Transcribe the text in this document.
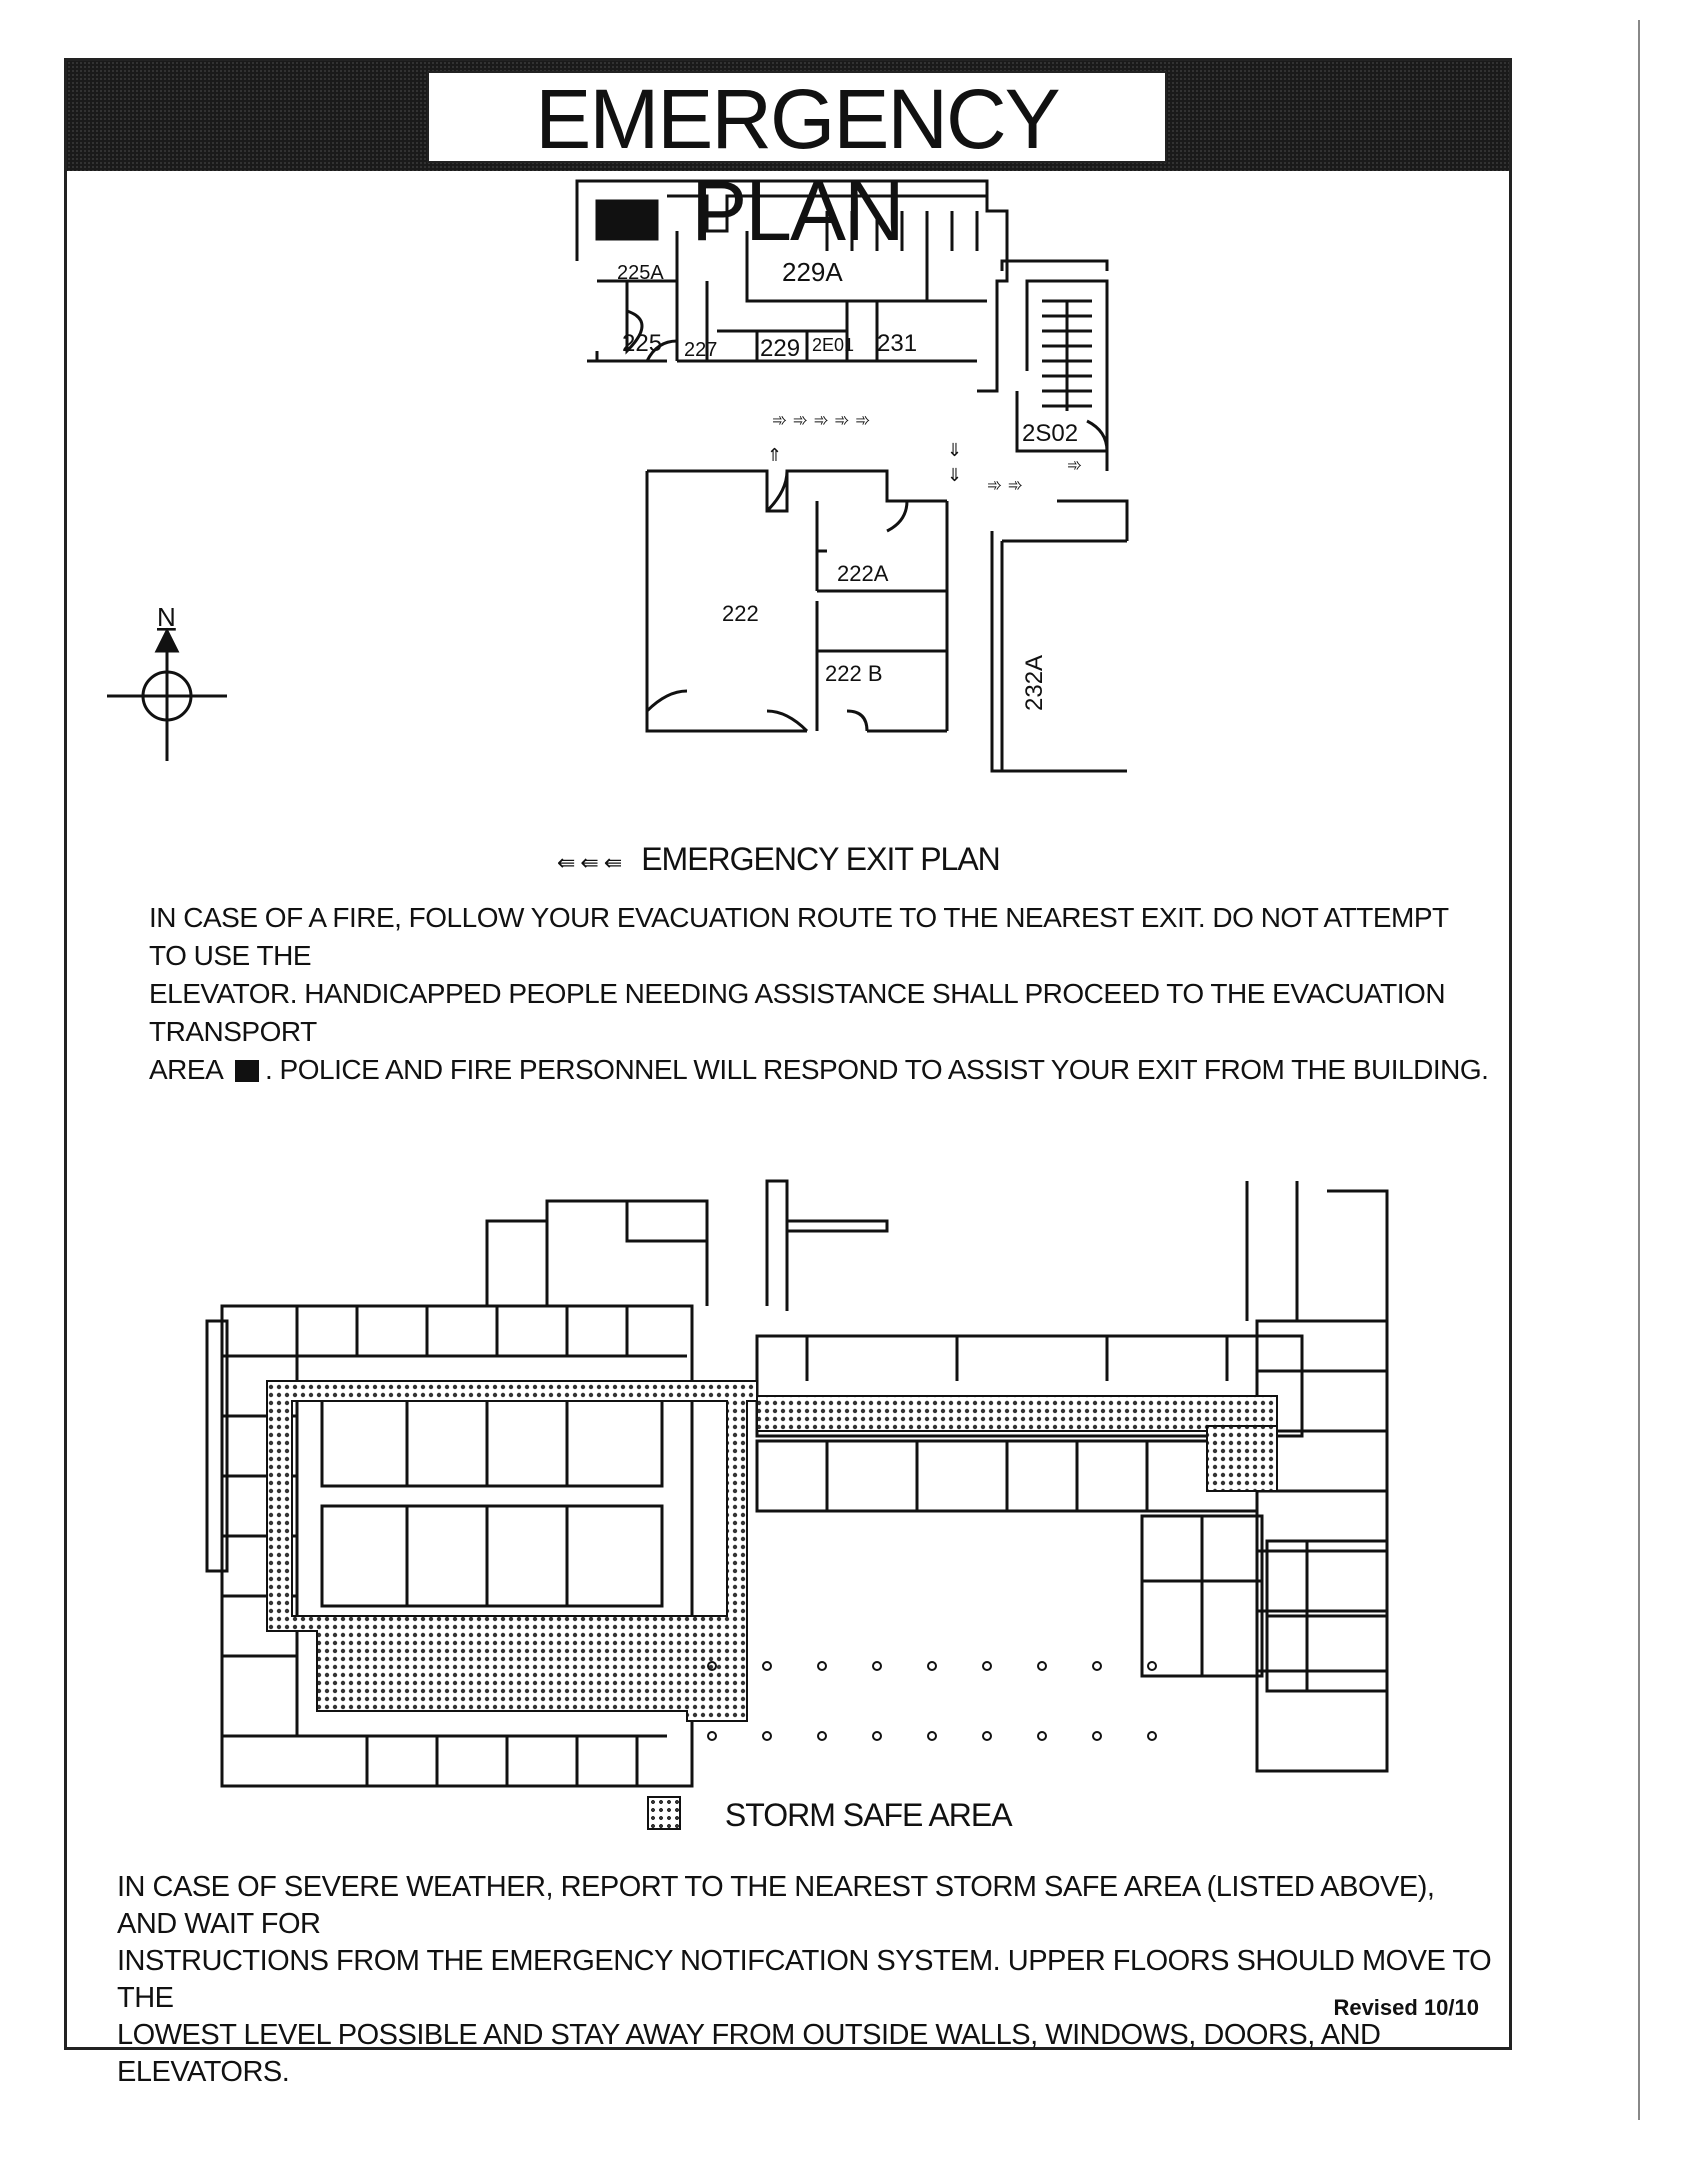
EMERGENCY PLAN
➾ ➾ ➾ ➾ ➾
⇓
⇓ ➾ ➾
➾
⇑
225A	229A
225 227 229 2E01 231
2S02
222A
222
222 B	232A
N
⇚ ⇚ ⇚ EMERGENCY EXIT PLAN
IN CASE OF A FIRE, FOLLOW YOUR EVACUATION ROUTE TO THE NEAREST EXIT. DO NOT ATTEMPT TO USE THE
ELEVATOR. HANDICAPPED PEOPLE NEEDING ASSISTANCE SHALL PROCEED TO THE EVACUATION TRANSPORT
AREA . POLICE AND FIRE PERSONNEL WILL RESPOND TO ASSIST YOUR EXIT FROM THE BUILDING.
STORM SAFE AREA
IN CASE OF SEVERE WEATHER, REPORT TO THE NEAREST STORM SAFE AREA (LISTED ABOVE), AND WAIT FOR
INSTRUCTIONS FROM THE EMERGENCY NOTIFCATION SYSTEM. UPPER FLOORS SHOULD MOVE TO THE
LOWEST LEVEL POSSIBLE AND STAY AWAY FROM OUTSIDE WALLS, WINDOWS, DOORS, AND ELEVATORS.
Revised 10/10
